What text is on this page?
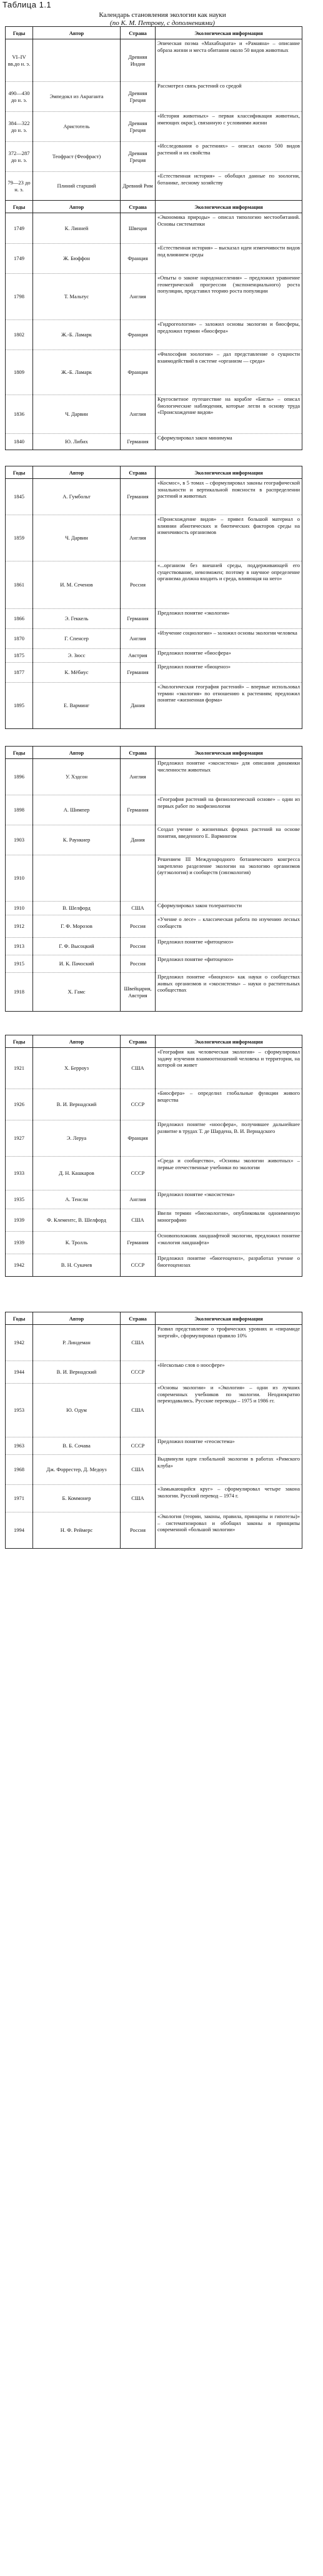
Таблица 1.1
Календарь становления экологии как науки
(по К. М. Петрову, с дополнениями)
Годы	Автор	Страна	Экологическая информация
VI–IV вв.до н. э.		Древняя Индия	Эпическая поэма «Махабхарата» и «Рамаяна» – описание образа жизни и места обитания около 50 видов животных
490—430 до н. э.	Эмпедокл из Акраганта	Древняя Греция	Рассмотрел связь растений со средой
384—322 до н. э.	Аристотель	Древняя Греция	«История животных» – первая классификация животных, имеющих окрас), связанную с условиями жизни
372—287 до н. э.	Теофраст (Феофраст)	Древняя Греция	«Исследования о растениях» – описал около 500 видов растений и их свойства
79—23 до н. э.	Плиний старший	Древний Рим	«Естественная история» – обобщил данные по зоологии, ботанике, лесному хозяйству
Годы	Автор	Страна	Экологическая информация
1749	К. Линней	Швеция	«Экономика природы» – описал типологию местообитаний. Основы систематики
1749	Ж. Бюффон	Франция	«Естественная история» – высказал идеи изменчивости видов под влиянием среды
1798	Т. Мальтус	Англия	«Опыты о законе народонаселения» – предложил уравнение геометрической прогрессии (экспоненциального) роста популяции, представил теорию роста популяции
1802	Ж.-Б. Ламарк	Франция	«Гидрогеология» – заложил основы экологии и биосферы, предложил термин «биосфера»
1809	Ж.-Б. Ламарк	Франция	«Философия зоологии» – дал представление о сущности взаимодействий в системе «организм — среда»
1836	Ч. Дарвин	Англия	Кругосветное путешествие на корабле «Бигль» – описал биологические наблюдения, которые легли в основу труда «Происхождение видов»
1840	Ю. Либих	Германия	Сформулировал закон минимума
Годы	Автор	Страна	Экологическая информация
1845	А. Гумбольт	Германия	«Космос», в 5 томах – сформулировал законы географической зональности и вертикальной поясности в распределении растений и животных
1859	Ч. Дарвин	Англия	«Происхождение видов» – привел большой материал о влиянии абиотических и биотических факторов среды на изменчивость организмов
1861	И. М. Сеченов	Россия	«...организм без внешней среды, поддерживающей его существование, невозможен; поэтому в научное определение организма должна входить и среда, влияющая на него»
1866	Э. Геккель	Германия	Предложил понятие «экология»
1870	Г. Спенсер	Англия	«Изучение социологии» – заложил основы экологии человека
1875	Э. Зюсс	Австрия	Предложил понятие «биосфера»
1877	К. Мёбиус	Германия	Предложил понятие «биоценоз»
1895	Е. Варминг	Дания	«Экологическая география растений» – впервые использовал термин «экология» по отношению к растениям; предложил понятие «жизненная форма»
Годы	Автор	Страна	Экологическая информация
1896	У. Хэдсон	Англия	Предложил понятие «экосистема» для описания динамики численности животных
1898	А. Шимпер	Германия	«География растений на физиологической основе» – один из первых работ по экофизиологии
1903	К. Раункиер	Дания	Создал учение о жизненных формах растений на основе понятия, введенного Е. Вармингом
1910			Решением III Международного ботанического конгресса закреплено разделение экологии на экологию организмов (аутэкология) и сообществ (синэкология)
1910	В. Шелфорд	США	Сформулировал закон толерантности
1912	Г. Ф. Морозов	Россия	«Учение о лесе» – классическая работа по изучению лесных сообществ
1913	Г. Ф. Высоцкий	Россия	Предложил понятие «фитоценоз»
1915	И. К. Пачоский	Россия	Предложил понятие «фитоценоз»
1918	Х. Гамс	Швейцария, Австрия	Предложил понятие «биоценоз» как науки о сообществах живых организмов и «экосистемы» – науки о растительных сообществах
Годы	Автор	Страна	Экологическая информация
1921	Х. Берроуз	США	«География как человеческая экология» – сформулировал задачу изучения взаимоотношений человека и территории, на которой он живет
1926	В. И. Вернадский	СССР	«Биосфера» – определил глобальные функции живого вещества
1927	Э. Леруа	Франция	Предложил понятие «ноосфера», получившее дальнейшее развитие в трудах Т. де Шардена, В. И. Вернадского
1933	Д. Н. Кашкаров	СССР	«Среда и сообщество», «Основы экологии животных» – первые отечественные учебники по экологии
1935	А. Тенсли	Англия	Предложил понятие «экосистема»
1939	Ф. Клементс, В. Шелфорд	США	Ввели термин «биоэкология», опубликовали одноименную монографию
1939	К. Тролль	Германия	Основоположник ландшафтной экологии, предложил понятие «экология ландшафта»
1942	В. Н. Сукачев	СССР	Предложил понятие «биогеоценоз», разработал учение о биогеоценозах
Годы	Автор	Страна	Экологическая информация
1942	Р. Линдеман	США	Развил представление о трофических уровнях и «пирамиде энергий», сформулировал правило 10%
1944	В. И. Вернадский	СССР	«Несколько слов о ноосфере»
1953	Ю. Одум	США	«Основы экологии» и «Экология» – одни из лучших современных учебников по экологии. Неоднократно переиздавались. Русские переводы – 1975 и 1986 гг.
1963	В. Б. Сочава	СССР	Предложил понятие «геосистема»
1968	Дж. Форрестер, Д. Медоуз	США	Выдвинули идеи глобальной экологии в работах «Римского клуба»
1971	Б. Коммонер	США	«Замыкающийся круг» – сформулировал четыре закона экологии. Русский перевод – 1974 г.
1994	Н. Ф. Реймерс	Россия	«Экология (теории, законы, правила, принципы и гипотезы)» – систематизировал и обобщил законы и принципы современной «большой экологии»
